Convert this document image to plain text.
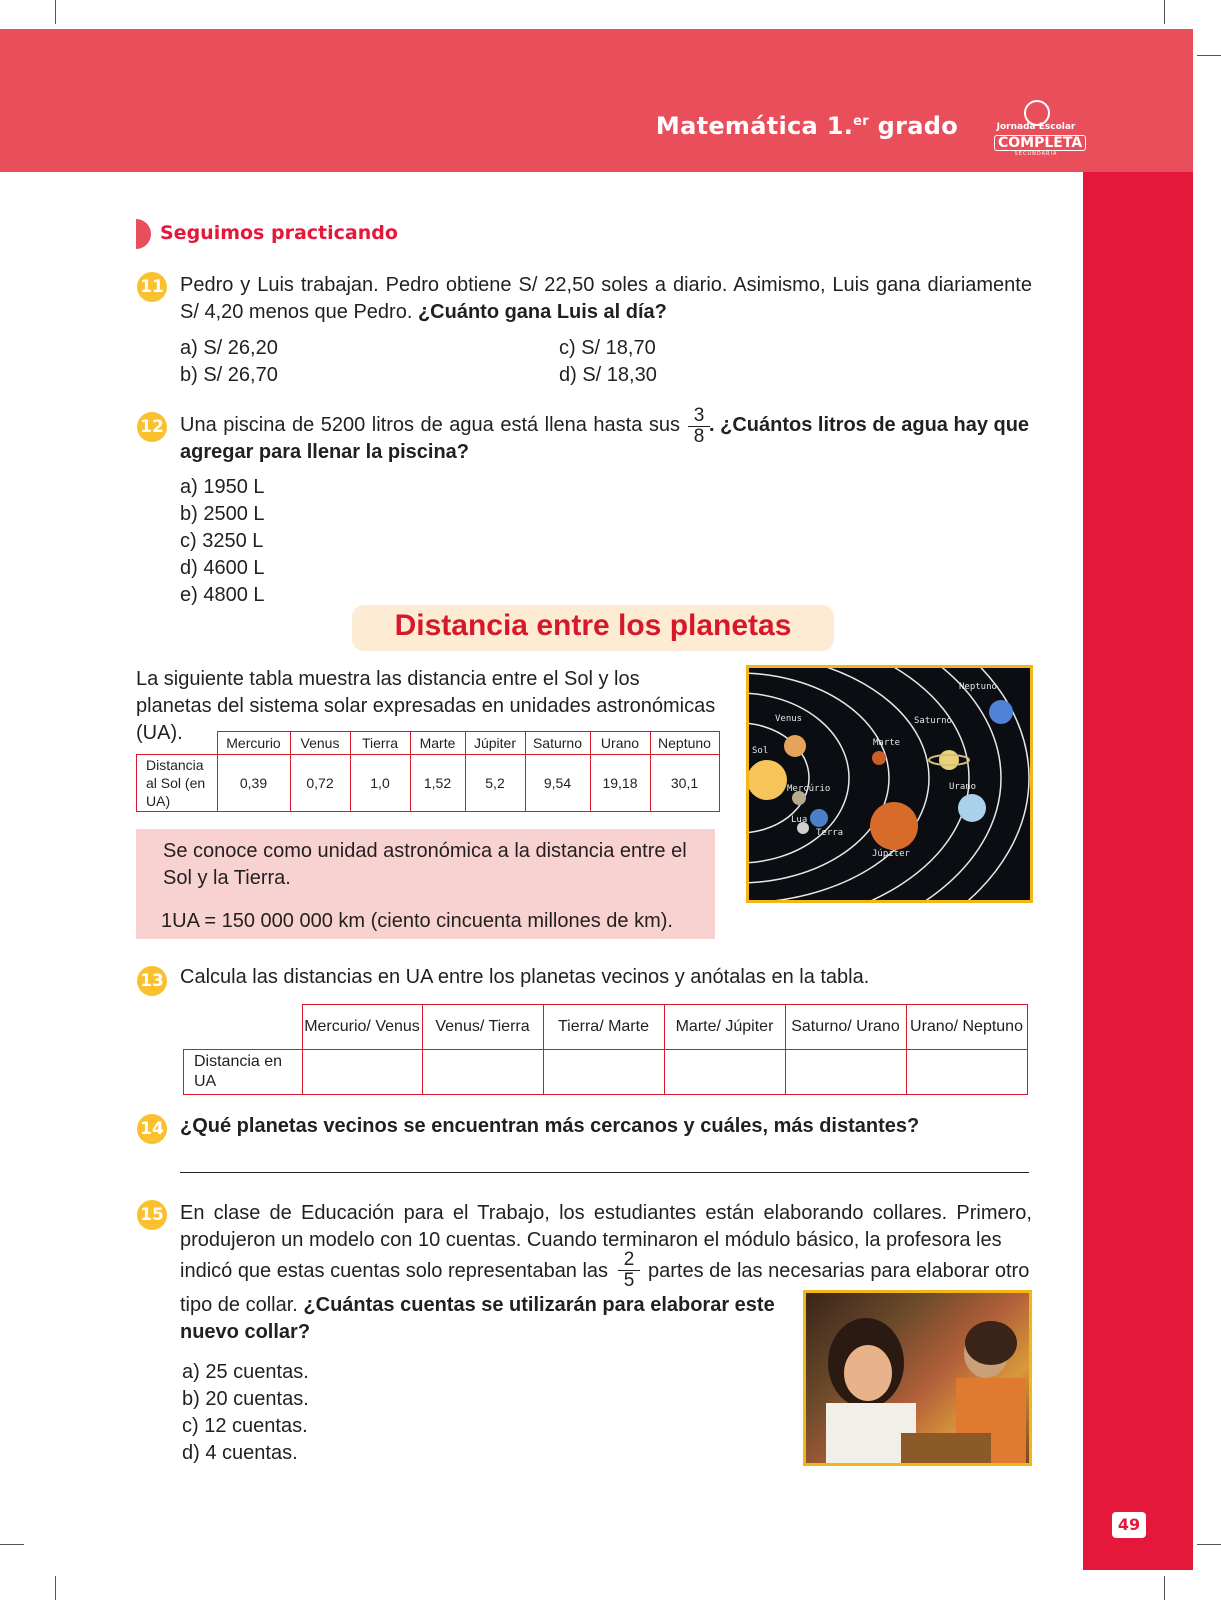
Matemática 1.$^{er}$ grado	Jornada Escolar
COMPLETA
SECUNDARIA
49
Seguimos practicando
11 Pedro y Luis trabajan. Pedro obtiene S/ 22,50 soles a diario. Asimismo, Luis gana diariamente S/ 4,20 menos que Pedro. ¿Cuánto gana Luis al día?
a) S/ 26,20
b) S/ 26,70
c) S/ 18,70
d) S/ 18,30
12 Una piscina de 5200 litros de agua está llena hasta sus $\frac{3}{8}$ . ¿Cuántos litros de agua hay que
agregar para llenar la piscina?
a) 1950 L
b) 2500 L
c) 3250 L
d) 4600 L
e) 4800 L
Distancia entre los planetas
La siguiente tabla muestra las distancia entre el Sol y los planetas del sistema solar expresadas en unidades astronómicas (UA).
		Mercurio	Venus	Tierra	Marte	Júpiter	Saturno	Urano	Neptuno
Distancia al Sol (en UA)	0,39	0,72	1,0	1,52	5,2	9,54	19,18	30,1
Se conoce como unidad astronómica a la distancia entre el Sol y la Tierra.
1UA = 150 000 000 km (ciento cincuenta millones de km).
Neptuno
Venus	Saturno
Sol
Marte
Urano
Mercúrio
Lua
Terra
Júpiter
13 Calcula las distancias en UA entre los planetas vecinos y anótalas en la tabla.
	Mercurio/ Venus	Venus/ Tierra	Tierra/ Marte	Marte/ Júpiter	Saturno/ Urano	Urano/ Neptuno
Distancia en UA						
14 ¿Qué planetas vecinos se encuentran más cercanos y cuáles, más distantes?
15 En clase de Educación para el Trabajo, los estudiantes están elaborando collares. Primero, produjeron un modelo con 10 cuentas. Cuando terminaron el módulo básico, la profesora les
indicó que estas cuentas solo representaban las $\frac{2}{5}$ partes de las necesarias para elaborar otro
tipo de collar. ¿Cuántas cuentas se utilizarán para elaborar este
nuevo collar?
a) 25 cuentas.
b) 20 cuentas.
c) 12 cuentas.
d) 4 cuentas.
